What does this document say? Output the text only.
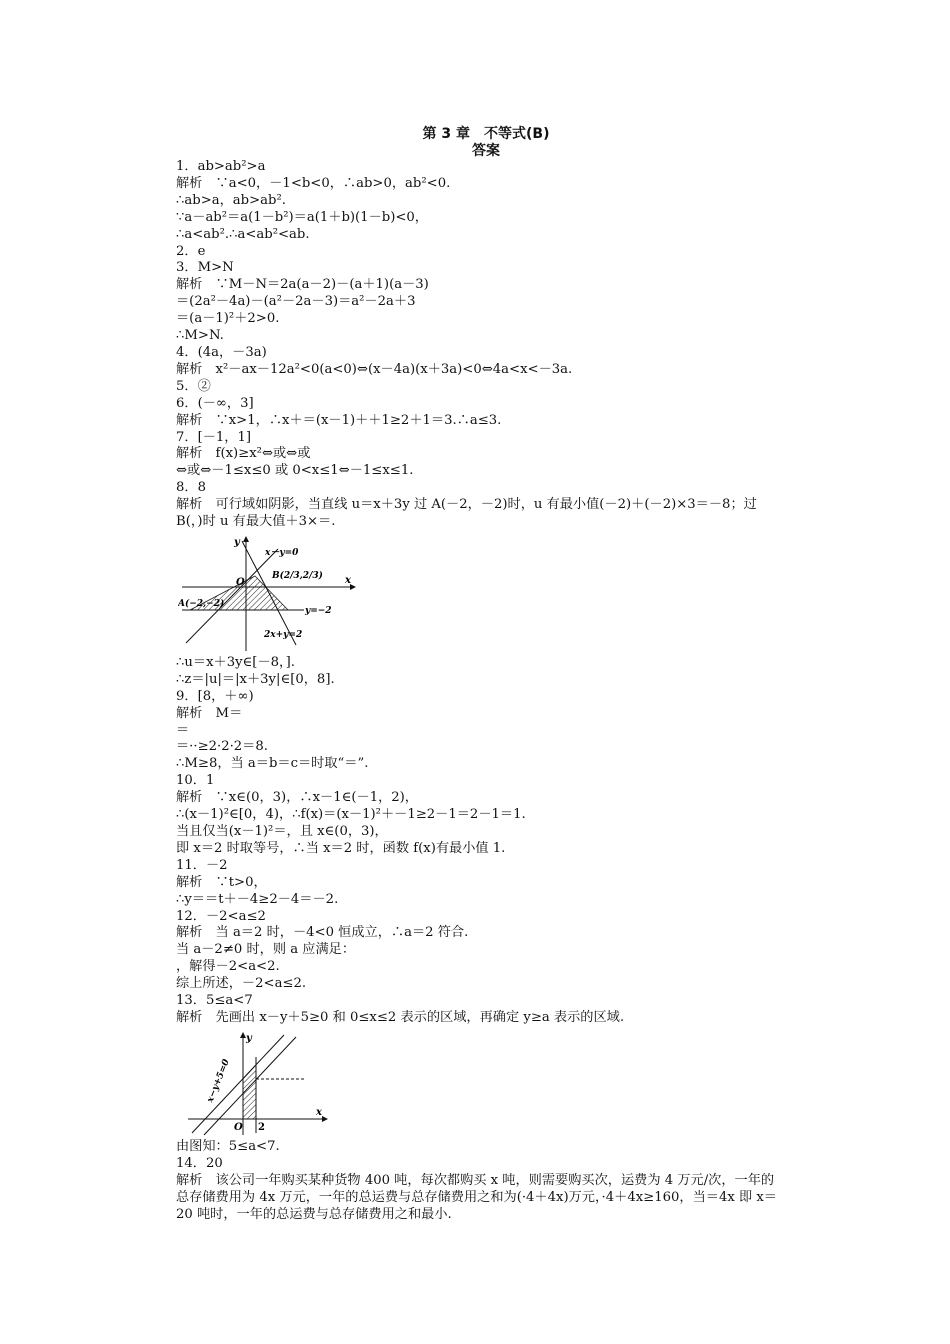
第 3 章　不等式(B)
答案
1．ab>ab²>a
解析　∵a<0，－1<b<0，∴ab>0，ab²<0.
∴ab>a，ab>ab².
∵a－ab²＝a(1－b²)＝a(1＋b)(1－b)<0，
∴a<ab².∴a<ab²<ab.
2．e
3．M>N
解析　∵M－N＝2a(a－2)－(a＋1)(a－3)
＝(2a²－4a)－(a²－2a－3)＝a²－2a＋3
＝(a－1)²＋2>0.
∴M>N.
4．(4a，－3a)
解析　x²－ax－12a²<0(a<0)⇔(x－4a)(x＋3a)<0⇔4a<x<－3a.
5．②
6．(－∞，3]
解析　∵x>1，∴x＋＝(x－1)＋＋1≥2＋1＝3.∴a≤3.
7．[－1，1]
解析　f(x)≥x²⇔或⇔或
⇔或⇔－1≤x≤0 或 0<x≤1⇔－1≤x≤1.
8．8
解析　可行域如阴影，当直线 u＝x＋3y 过 A(－2，－2)时，u 有最小值(－2)＋(－2)×3＝－8；过 B(，)时 u 有最大值＋3×＝.
y
x
O
x－y=0
B(2/3,2/3)
A(−2,−2)
y=−2
2x+y=2
∴u＝x＋3y∈[－8，].
∴z＝|u|＝|x＋3y|∈[0，8].
9．[8，＋∞)
解析　M＝
＝
＝··≥2·2·2＝8.
∴M≥8，当 a＝b＝c＝时取“＝”.
10．1
解析　∵x∈(0，3)，∴x－1∈(－1，2)，
∴(x－1)²∈[0，4)，∴f(x)＝(x－1)²＋－1≥2－1＝2－1＝1.
当且仅当(x－1)²＝，且 x∈(0，3)，
即 x＝2 时取等号，∴当 x＝2 时，函数 f(x)有最小值 1.
11．－2
解析　∵t>0，
∴y＝＝t＋－4≥2－4＝－2.
12．－2<a≤2
解析　当 a＝2 时，－4<0 恒成立，∴a＝2 符合.
当 a－2≠0 时，则 a 应满足：
，解得－2<a<2.
综上所述，－2<a≤2.
13．5≤a<7
解析　先画出 x－y＋5≥0 和 0≤x≤2 表示的区域，再确定 y≥a 表示的区域.
y
x
O 2
x−y+5=0
由图知：5≤a<7.
14．20
解析　该公司一年购买某种货物 400 吨，每次都购买 x 吨，则需要购买次，运费为 4 万元/次，一年的总存储费用为 4x 万元，一年的总运费与总存储费用之和为(·4＋4x)万元，·4＋4x≥160，当＝4x 即 x＝20 吨时，一年的总运费与总存储费用之和最小.
